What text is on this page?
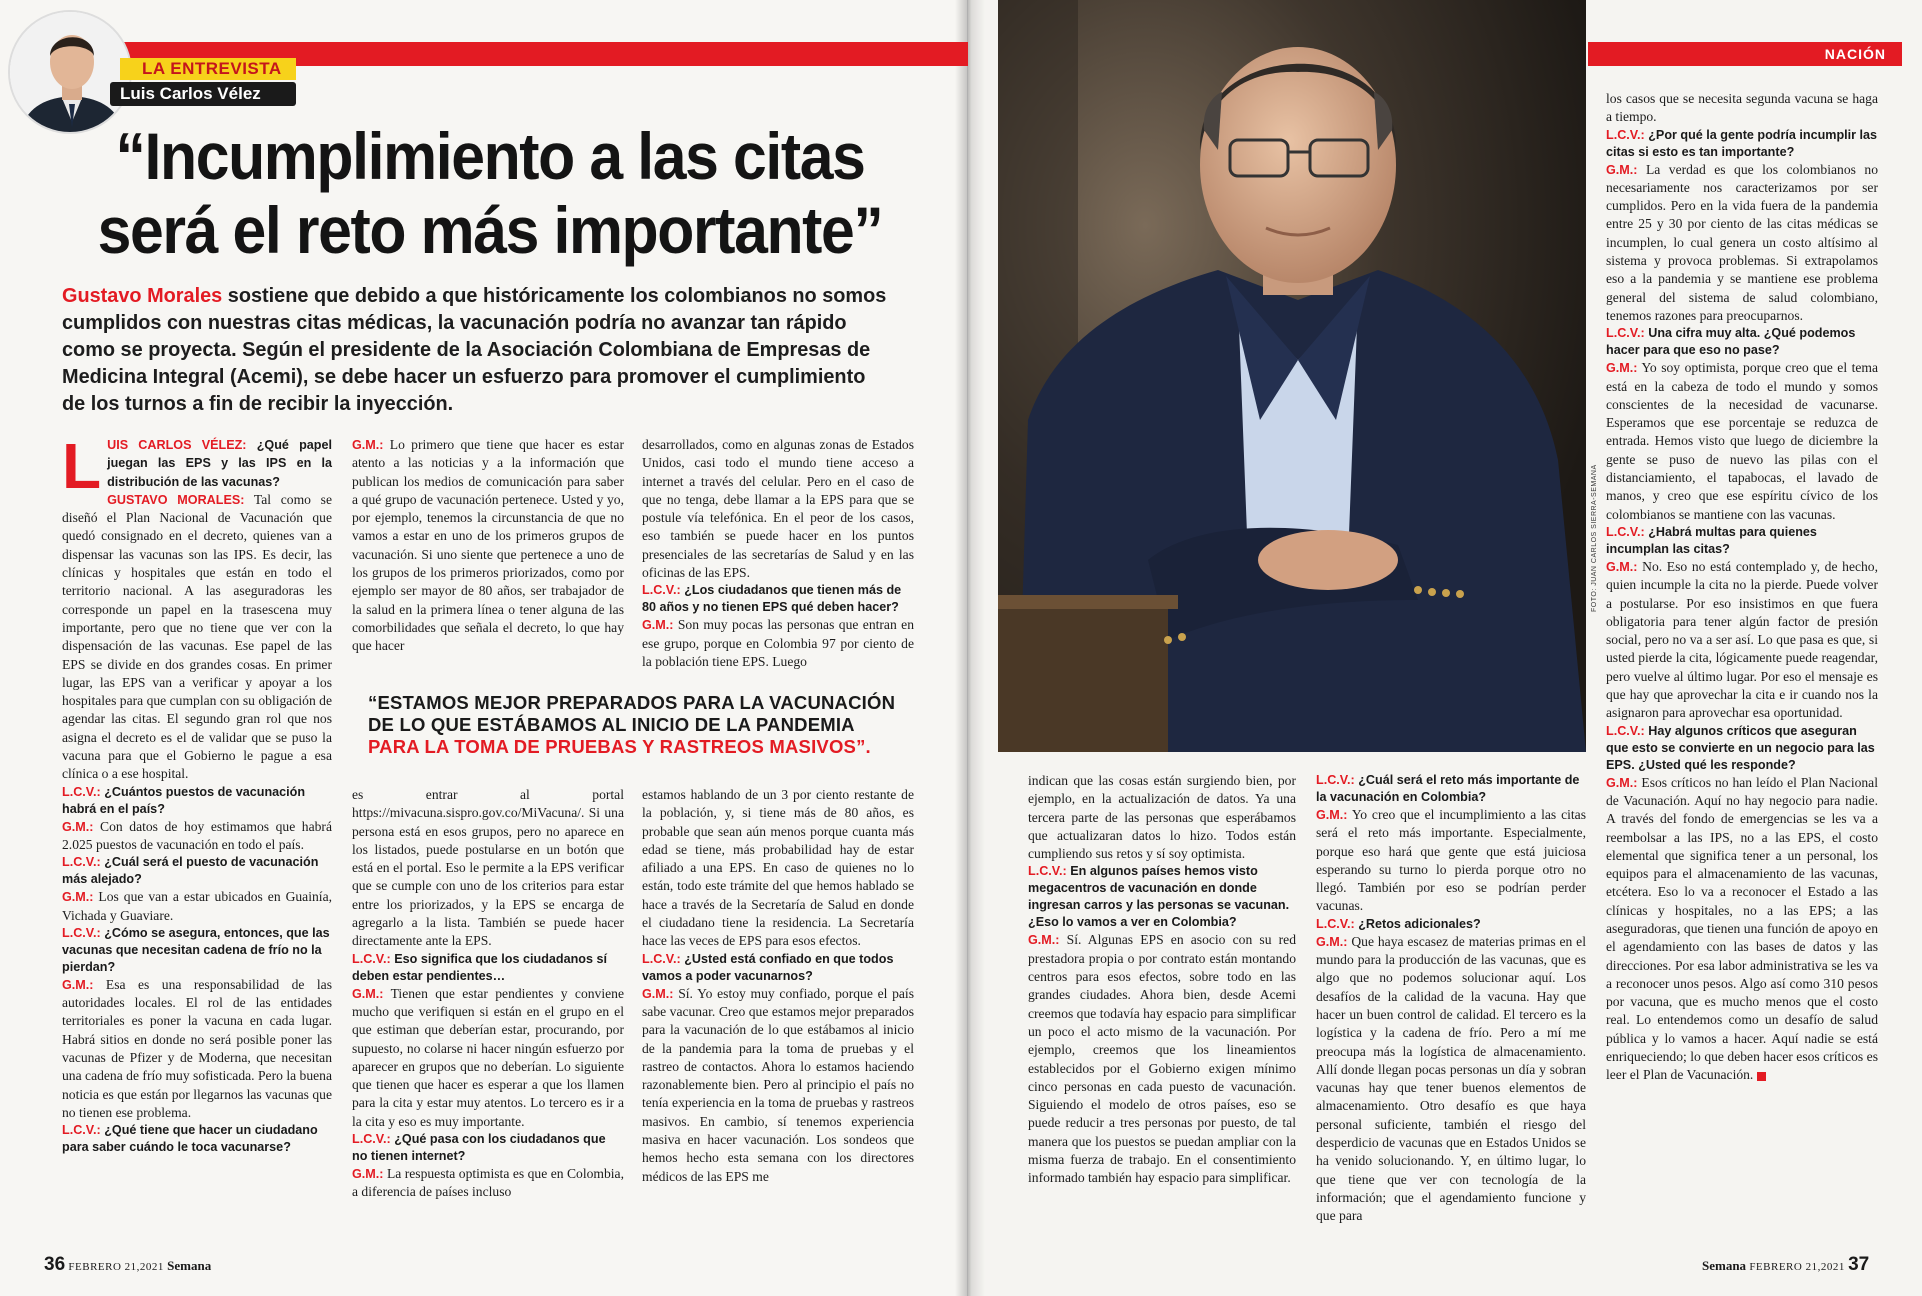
LA ENTREVISTA
Luis Carlos Vélez
“Incumplimiento a las citas
será el reto más importante”
Gustavo Morales sostiene que debido a que históricamente los colombianos no somos cumplidos con nuestras citas médicas, la vacunación podría no avanzar tan rápido como se proyecta. Según el presidente de la Asociación Colombiana de Empresas de Medicina Integral (Acemi), se debe hacer un esfuerzo para promover el cumplimiento de los turnos a fin de recibir la inyección.

LUIS CARLOS VÉLEZ: ¿Qué papel juegan las EPS y las IPS en la distribución de las vacunas?
GUSTAVO MORALES: Tal como se diseñó el Plan Nacional de Vacunación que quedó consignado en el decreto, quienes van a dispensar las vacunas son las IPS. Es decir, las clínicas y hospitales que están en todo el territorio nacional. A las aseguradoras les corresponde un papel en la trasescena muy importante, pero que no tiene que ver con la dispensación de las vacunas. Ese papel de las EPS se divide en dos grandes cosas. En primer lugar, las EPS van a verificar y apoyar a los hospitales para que cumplan con su obligación de agendar las citas. El segundo gran rol que nos asigna el decreto es el de validar que se puso la vacuna para que el Gobierno le pague a esa clínica o a ese hospital.

L.C.V.: ¿Cuántos puestos de vacunación habrá en el país?

G.M.: Con datos de hoy estimamos que habrá 2.025 puestos de vacunación en todo el país.

L.C.V.: ¿Cuál será el puesto de vacunación más alejado?

G.M.: Los que van a estar ubicados en Guainía, Vichada y Guaviare.

L.C.V.: ¿Cómo se asegura, entonces, que las vacunas que necesitan cadena de frío no la pierdan?

G.M.: Esa es una responsabilidad de las autoridades locales. El rol de las entidades territoriales es poner la vacuna en cada lugar. Habrá sitios en donde no será posible poner las vacunas de Pfizer y de Moderna, que necesitan una cadena de frío muy sofisticada. Pero la buena noticia es que están por llegarnos las vacunas que no tienen ese problema.

L.C.V.: ¿Qué tiene que hacer un ciudadano para saber cuándo le toca vacunarse?

G.M.: Lo primero que tiene que hacer es estar atento a las noticias y a la información que publican los medios de comunicación para saber a qué grupo de vacunación pertenece. Usted y yo, por ejemplo, tenemos la circunstancia de que no vamos a estar en uno de los primeros grupos de vacunación. Si uno siente que pertenece a uno de los grupos de los primeros priorizados, como por ejemplo ser mayor de 80 años, ser trabajador de la salud en la primera línea o tener alguna de las comorbilidades que señala el decreto, lo que hay que hacer

desarrollados, como en algunas zonas de Estados Unidos, casi todo el mundo tiene acceso a internet a través del celular. Pero en el caso de que no tenga, debe llamar a la EPS para que se postule vía telefónica. En el peor de los casos, eso también se puede hacer en los puntos presenciales de las secretarías de Salud y en las oficinas de las EPS.

L.C.V.: ¿Los ciudadanos que tienen más de 80 años y no tienen EPS qué deben hacer?

G.M.: Son muy pocas las personas que entran en ese grupo, porque en Colombia 97 por ciento de la población tiene EPS. Luego

“ESTAMOS MEJOR PREPARADOS PARA LA VACUNACIÓN
DE LO QUE ESTÁBAMOS AL INICIO DE LA PANDEMIA
PARA LA TOMA DE PRUEBAS Y RASTREOS MASIVOS”.

es entrar al portal https://mivacuna.sispro.gov.co/MiVacuna/. Si una persona está en esos grupos, pero no aparece en los listados, puede postularse en un botón que está en el portal. Eso le permite a la EPS verificar que se cumple con uno de los criterios para estar entre los priorizados, y la EPS se encarga de agregarlo a la lista. También se puede hacer directamente ante la EPS.

L.C.V.: Eso significa que los ciudadanos sí deben estar pendientes…

G.M.: Tienen que estar pendientes y conviene mucho que verifiquen si están en el grupo en el que estiman que deberían estar, procurando, por supuesto, no colarse ni hacer ningún esfuerzo por aparecer en grupos que no deberían. Lo siguiente que tienen que hacer es esperar a que los llamen para la cita y estar muy atentos. Lo tercero es ir a la cita y eso es muy importante.

L.C.V.: ¿Qué pasa con los ciudadanos que no tienen internet?

G.M.: La respuesta optimista es que en Colombia, a diferencia de países incluso

estamos hablando de un 3 por ciento restante de la población, y, si tiene más de 80 años, es probable que sean aún menos porque cuanta más edad se tiene, más probabilidad hay de estar afiliado a una EPS. En caso de quienes no lo están, todo este trámite del que hemos hablado se hace a través de la Secretaría de Salud en donde el ciudadano tiene la residencia. La Secretaría hace las veces de EPS para esos efectos.

L.C.V.: ¿Usted está confiado en que todos vamos a poder vacunarnos?

G.M.: Sí. Yo estoy muy confiado, porque el país sabe vacunar. Creo que estamos mejor preparados para la vacunación de lo que estábamos al inicio de la pandemia para la toma de pruebas y el rastreo de contactos. Ahora lo estamos haciendo razonablemente bien. Pero al principio el país no tenía experiencia en la toma de pruebas y rastreos masivos. En cambio, sí tenemos experiencia masiva en hacer vacunación. Los sondeos que hemos hecho esta semana con los directores médicos de las EPS me

36 FEBRERO 21,2021 Semana
FOTO: JUAN CARLOS SIERRA-SEMANA
NACIÓN

indican que las cosas están surgiendo bien, por ejemplo, en la actualización de datos. Ya una tercera parte de las personas que esperábamos que actualizaran datos lo hizo. Todos están cumpliendo sus retos y sí soy optimista.

L.C.V.: En algunos países hemos visto megacentros de vacunación en donde ingresan carros y las personas se vacunan. ¿Eso lo vamos a ver en Colombia?

G.M.: Sí. Algunas EPS en asocio con su red prestadora propia o por contrato están montando centros para esos efectos, sobre todo en las grandes ciudades. Ahora bien, desde Acemi creemos que todavía hay espacio para simplificar un poco el acto mismo de la vacunación. Por ejemplo, creemos que los lineamientos establecidos por el Gobierno exigen mínimo cinco personas en cada puesto de vacunación. Siguiendo el modelo de otros países, eso se puede reducir a tres personas por puesto, de tal manera que los puestos se puedan ampliar con la misma fuerza de trabajo. En el consentimiento informado también hay espacio para simplificar.

L.C.V.: ¿Cuál será el reto más importante de la vacunación en Colombia?

G.M.: Yo creo que el incumplimiento a las citas será el reto más importante. Especialmente, porque eso hará que gente que está juiciosa esperando su turno lo pierda porque otro no llegó. También por eso se podrían perder vacunas.

L.C.V.: ¿Retos adicionales?

G.M.: Que haya escasez de materias primas en el mundo para la producción de las vacunas, que es algo que no podemos solucionar aquí. Los desafíos de la calidad de la vacuna. Hay que hacer un buen control de calidad. El tercero es la logística y la cadena de frío. Pero a mí me preocupa más la logística de almacenamiento. Allí donde llegan pocas personas un día y sobran vacunas hay que tener buenos elementos de almacenamiento. Otro desafío es que haya personal suficiente, también el riesgo del desperdicio de vacunas que en Estados Unidos se ha venido solucionando. Y, en último lugar, lo que tiene que ver con tecnología de la información; que el agendamiento funcione y que para

los casos que se necesita segunda vacuna se haga a tiempo.

L.C.V.: ¿Por qué la gente podría incumplir las citas si esto es tan importante?

G.M.: La verdad es que los colombianos no necesariamente nos caracterizamos por ser cumplidos. Pero en la vida fuera de la pandemia entre 25 y 30 por ciento de las citas médicas se incumplen, lo cual genera un costo altísimo al sistema y provoca problemas. Si extrapolamos eso a la pandemia y se mantiene ese problema general del sistema de salud colombiano, tenemos razones para preocuparnos.

L.C.V.: Una cifra muy alta. ¿Qué podemos hacer para que eso no pase?

G.M.: Yo soy optimista, porque creo que el tema está en la cabeza de todo el mundo y somos conscientes de la necesidad de vacunarse. Esperamos que ese porcentaje se reduzca de entrada. Hemos visto que luego de diciembre la gente se puso de nuevo las pilas con el distanciamiento, el tapabocas, el lavado de manos, y creo que ese espíritu cívico de los colombianos se mantiene con las vacunas.

L.C.V.: ¿Habrá multas para quienes incumplan las citas?

G.M.: No. Eso no está contemplado y, de hecho, quien incumple la cita no la pierde. Puede volver a postularse. Por eso insistimos en que fuera obligatoria para tener algún factor de presión social, pero no va a ser así. Lo que pasa es que, si usted pierde la cita, lógicamente puede reagendar, pero vuelve al último lugar. Por eso el mensaje es que hay que aprovechar la cita e ir cuando nos la asignaron para aprovechar esa oportunidad.

L.C.V.: Hay algunos críticos que aseguran que esto se convierte en un negocio para las EPS. ¿Usted qué les responde?

G.M.: Esos críticos no han leído el Plan Nacional de Vacunación. Aquí no hay negocio para nadie. A través del fondo de emergencias se les va a reembolsar a las IPS, no a las EPS, el costo elemental que significa tener a un personal, los equipos para el almacenamiento de las vacunas, etcétera. Eso lo va a reconocer el Estado a las clínicas y hospitales, no a las EPS; a las aseguradoras, que tienen una función de apoyo en el agendamiento con las bases de datos y las direcciones. Por esa labor administrativa se les va a reconocer unos pesos. Algo así como 310 pesos por vacuna, que es mucho menos que el costo real. Lo entendemos como un desafío de salud pública y lo vamos a hacer. Aquí nadie se está enriqueciendo; lo que deben hacer esos críticos es leer el Plan de Vacunación.

Semana FEBRERO 21,2021 37
